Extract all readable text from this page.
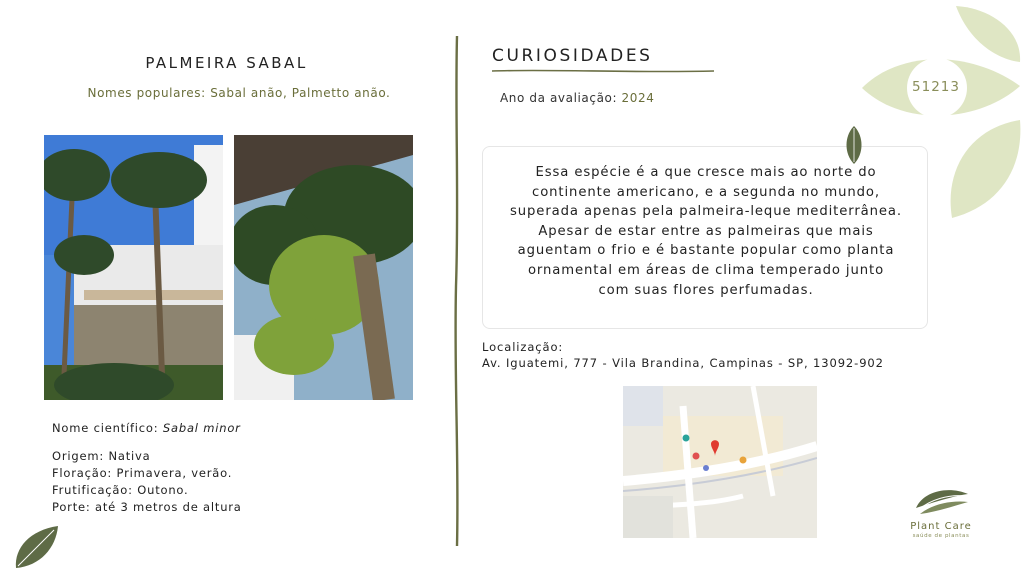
51213
PALMEIRA SABAL
Nomes populares: Sabal anão, Palmetto anão.
Nome científico: Sabal minor
Origem: Nativa
Floração: Primavera, verão.
Frutificação: Outono.
Porte: até 3 metros de altura
CURIOSIDADES
Ano da avaliação: 2024
Essa espécie é a que cresce mais ao norte do continente americano, e a segunda no mundo, superada apenas pela palmeira-leque mediterrânea. Apesar de estar entre as palmeiras que mais aguentam o frio e é bastante popular como planta ornamental em áreas de clima temperado junto com suas flores perfumadas.
Localização:
Av. Iguatemi, 777 - Vila Brandina, Campinas - SP, 13092-902
Plant Care
saúde de plantas
